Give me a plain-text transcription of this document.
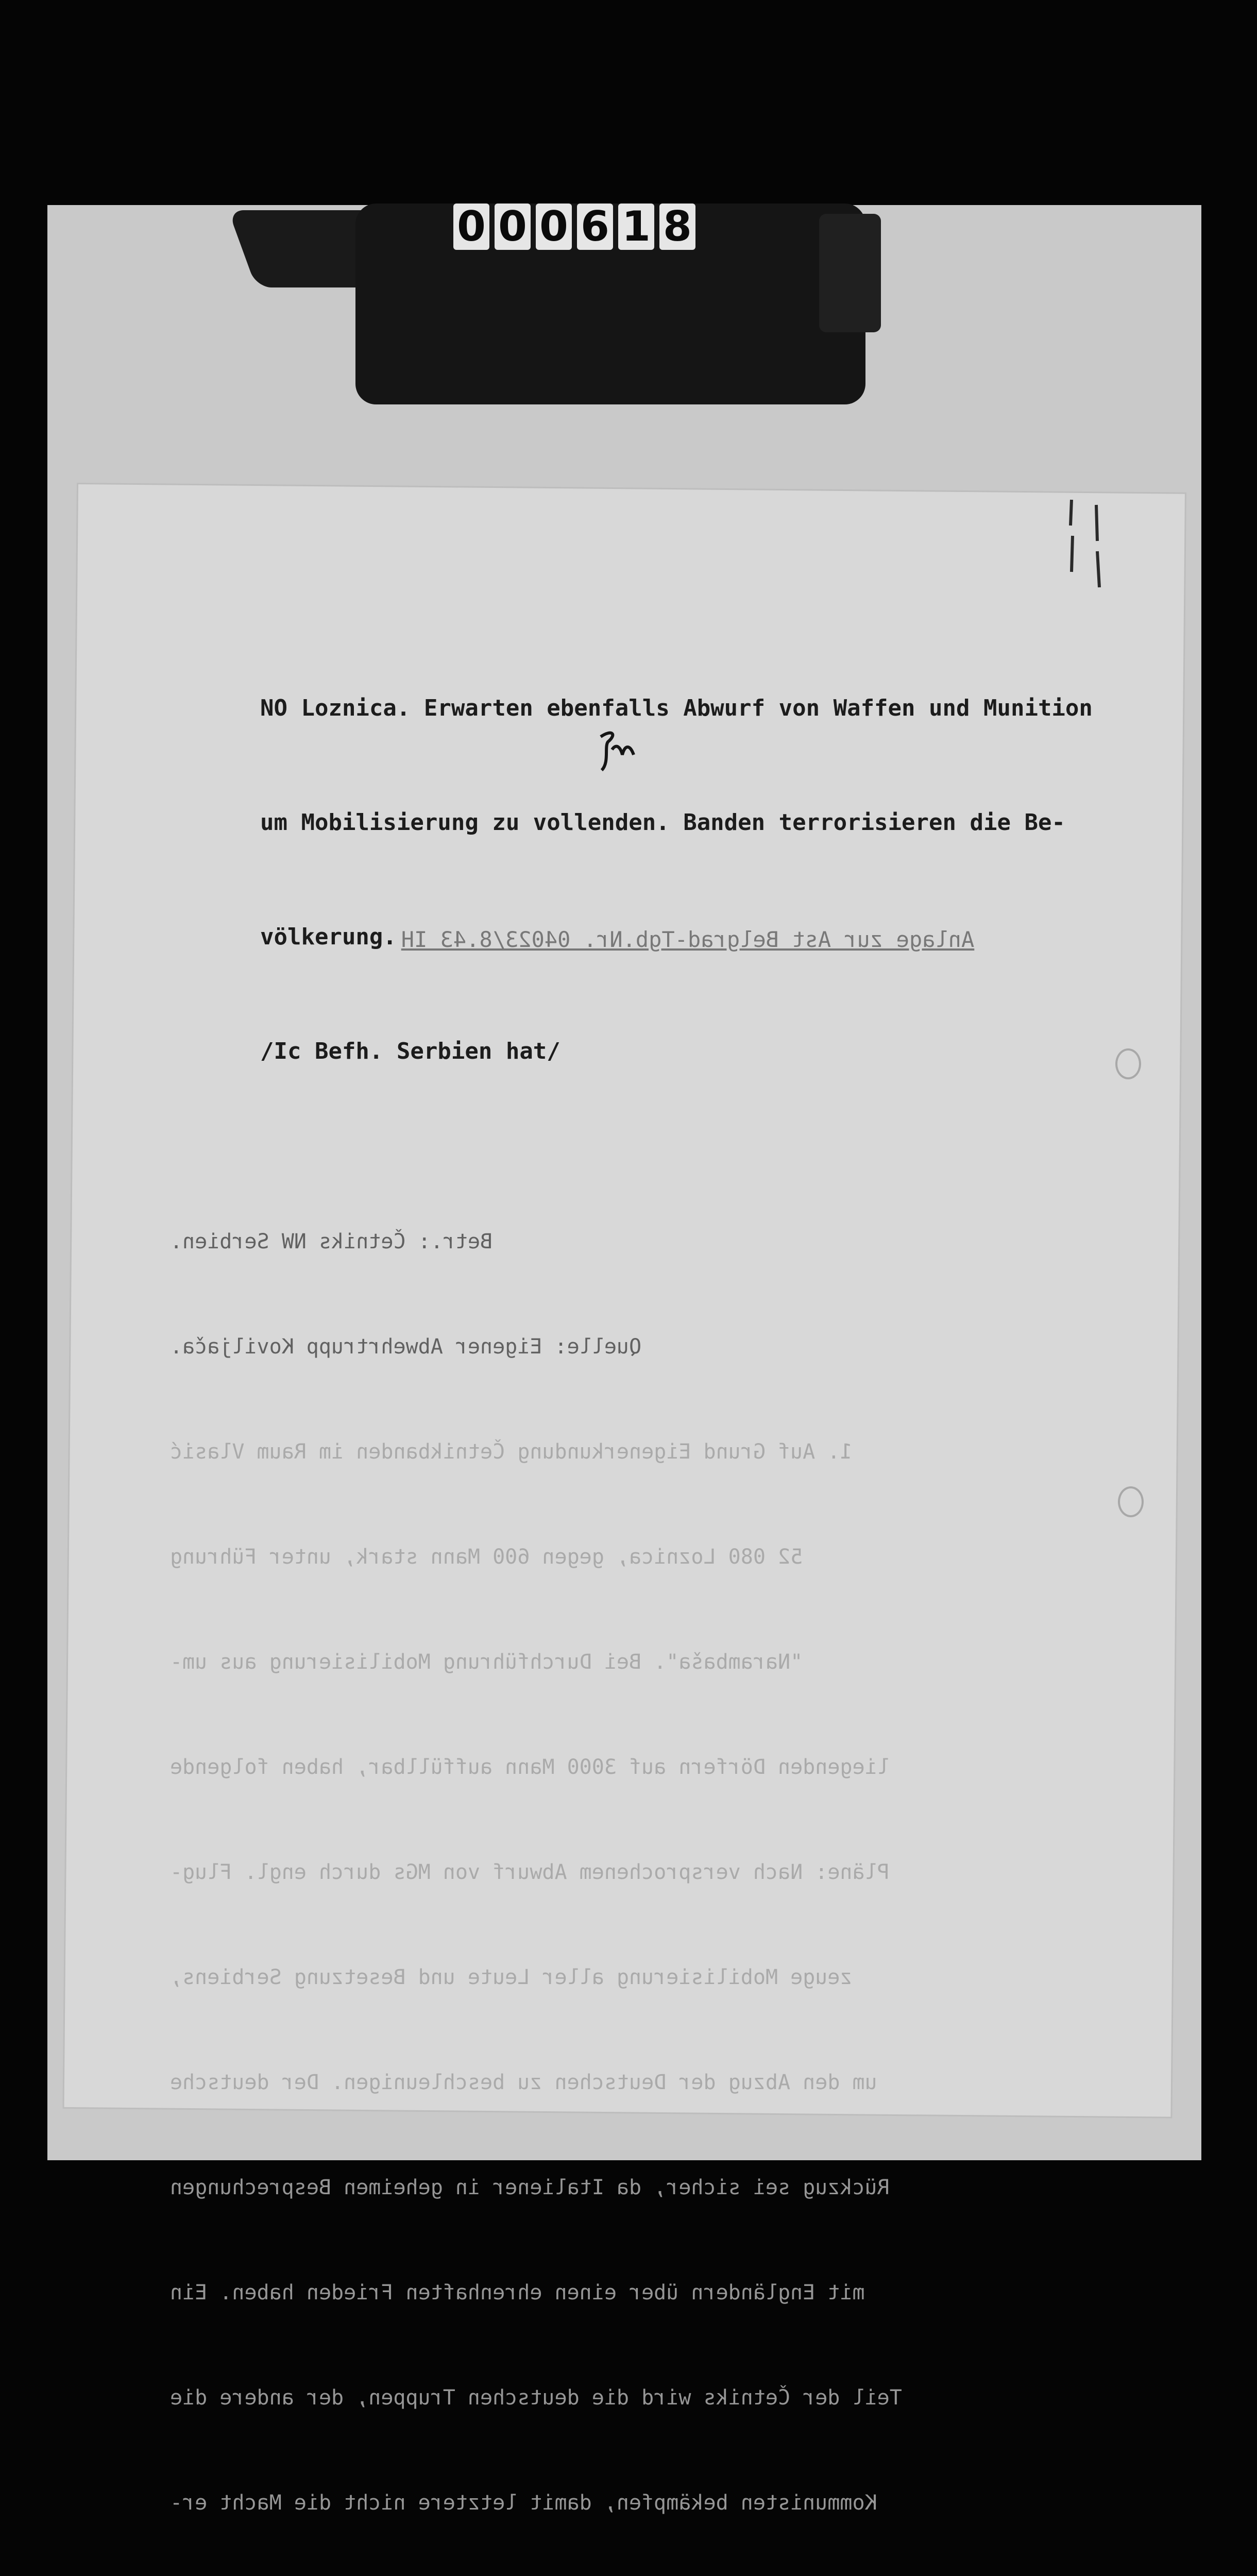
0 0 0 6 1 8

NO Loznica. Erwarten ebenfalls Abwurf von Waffen und Munition

um Mobilisierung zu vollenden. Banden terrorisieren die Be-

völkerung.

/Ic Befh. Serbien hat/

Anlage zur Ast Belgrad-Tgb.Nr. 04023/8.43 IH

Betr.: Četniks NW Serbien.

Quelle: Eigener Abwehrtrupp Koviljača.

1. Auf Grund Eigenerkundung Četnikbanden im Raum Vlasić

52 080 Loznica, gegen 600 Mann stark, unter Führung

"Narambaša". Bei Durchführung Mobilisierung aus um-

liegenden Dörfern auf 3000 Mann auffüllbar, haben folgende

Pläne: Nach versprochenem Abwurf von MGs durch engl. Flug-

zeuge Mobilisierung aller Leute und Besetzung Serbiens,

um den Abzug der Deutschen zu beschleunigen. Der deutsche

Rückzug sei sicher, da Italiener in geheimen Besprechungen

mit Engländern über einen ehrenhaften Frieden haben. Ein

Teil der Četniks wird die deutschen Truppen, der andere die

Kommunisten bekämpfen, damit letztere nicht die Macht er-
